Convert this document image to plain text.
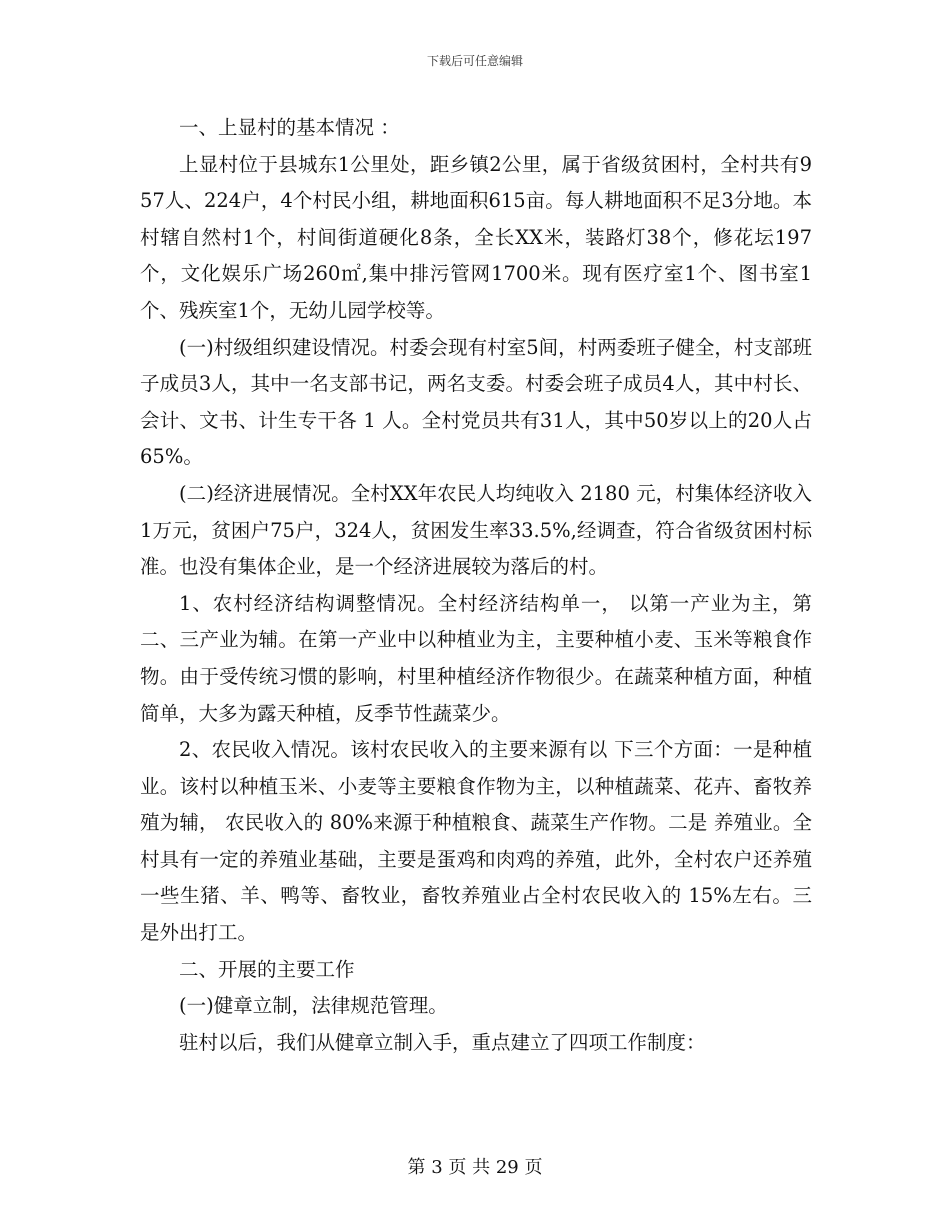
下载后可任意编辑

一、上显村的基本情况 ：

上显村位于县城东1公里处，距乡镇2公里，属于省级贫困村，全村共有957人、224户，4个村民小组，耕地面积615亩。每人耕地面积不足3分地。本村辖自然村1个，村间街道硬化8条，全长XX米，装路灯38个，修花坛197个，文化娱乐广场260㎡,集中排污管网1700米。现有医疗室1个、图书室1个、残疾室1个，无幼儿园学校等。

(一)村级组织建设情况。村委会现有村室5间，村两委班子健全，村支部班子成员3人，其中一名支部书记，两名支委。村委会班子成员4人，其中村长、会计、文书、计生专干各 1 人。全村党员共有31人，其中50岁以上的20人占65%。

(二)经济进展情况。全村XX年农民人均纯收入 2180 元，村集体经济收入1万元，贫困户75户，324人，贫困发生率33.5%,经调查，符合省级贫困村标准。也没有集体企业，是一个经济进展较为落后的村。

1、农村经济结构调整情况。全村经济结构单一， 以第一产业为主，第二、三产业为辅。在第一产业中以种植业为主，主要种植小麦、玉米等粮食作物。由于受传统习惯的影响，村里种植经济作物很少。在蔬菜种植方面，种植简单，大多为露天种植，反季节性蔬菜少。

2、农民收入情况。该村农民收入的主要来源有以 下三个方面：一是种植业。该村以种植玉米、小麦等主要粮食作物为主，以种植蔬菜、花卉、畜牧养殖为辅， 农民收入的 80%来源于种植粮食、蔬菜生产作物。二是 养殖业。全村具有一定的养殖业基础，主要是蛋鸡和肉鸡的养殖，此外，全村农户还养殖一些生猪、羊、鸭等、畜牧业，畜牧养殖业占全村农民收入的 15%左右。三是外出打工。

二、开展的主要工作

(一)健章立制，法律规范管理。

驻村以后，我们从健章立制入手，重点建立了四项工作制度：

第 3 页 共 29 页
